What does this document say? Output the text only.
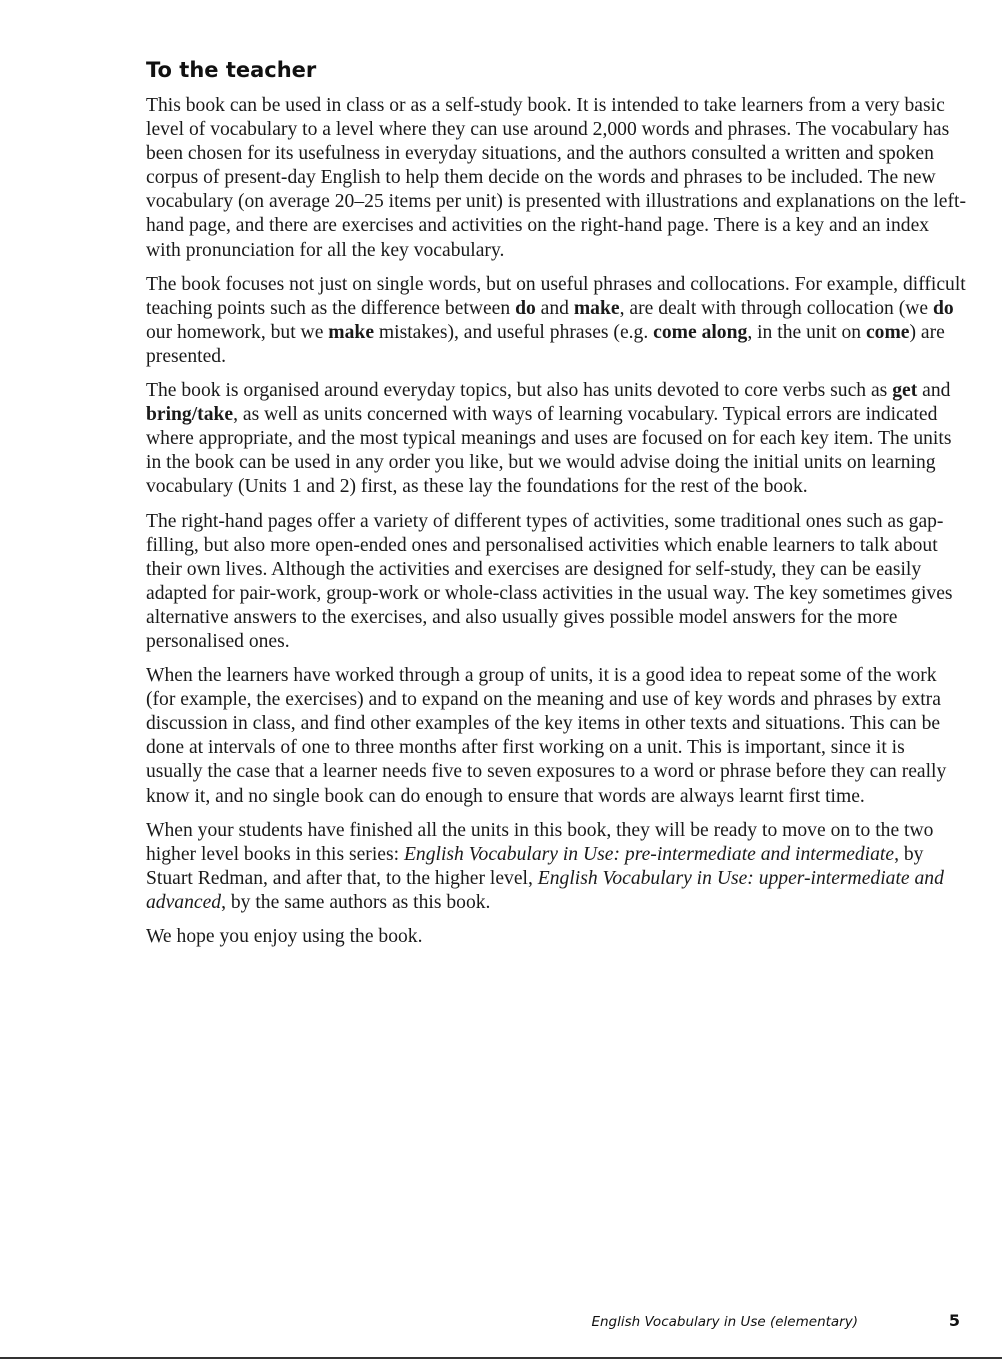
To the teacher

This book can be used in class or as a self-study book. It is intended to take learners from a very basic level of vocabulary to a level where they can use around 2,000 words and phrases. The vocabulary has been chosen for its usefulness in everyday situations, and the authors consulted a written and spoken corpus of present-day English to help them decide on the words and phrases to be included. The new vocabulary (on average 20–25 items per unit) is presented with illustrations and explanations on the left-hand page, and there are exercises and activities on the right-hand page. There is a key and an index with pronunciation for all the key vocabulary.

The book focuses not just on single words, but on useful phrases and collocations. For example, difficult teaching points such as the difference between do and make, are dealt with through collocation (we do our homework, but we make mistakes), and useful phrases (e.g. come along, in the unit on come) are presented.

The book is organised around everyday topics, but also has units devoted to core verbs such as get and bring/take, as well as units concerned with ways of learning vocabulary. Typical errors are indicated where appropriate, and the most typical meanings and uses are focused on for each key item. The units in the book can be used in any order you like, but we would advise doing the initial units on learning vocabulary (Units 1 and 2) first, as these lay the foundations for the rest of the book.

The right-hand pages offer a variety of different types of activities, some traditional ones such as gap-filling, but also more open-ended ones and personalised activities which enable learners to talk about their own lives. Although the activities and exercises are designed for self-study, they can be easily adapted for pair-work, group-work or whole-class activities in the usual way. The key sometimes gives alternative answers to the exercises, and also usually gives possible model answers for the more personalised ones.

When the learners have worked through a group of units, it is a good idea to repeat some of the work (for example, the exercises) and to expand on the meaning and use of key words and phrases by extra discussion in class, and find other examples of the key items in other texts and situations. This can be done at intervals of one to three months after first working on a unit. This is important, since it is usually the case that a learner needs five to seven exposures to a word or phrase before they can really know it, and no single book can do enough to ensure that words are always learnt first time.

When your students have finished all the units in this book, they will be ready to move on to the two higher level books in this series: English Vocabulary in Use: pre-intermediate and intermediate, by Stuart Redman, and after that, to the higher level, English Vocabulary in Use: upper-intermediate and advanced, by the same authors as this book.

We hope you enjoy using the book.

English Vocabulary in Use (elementary)	5
